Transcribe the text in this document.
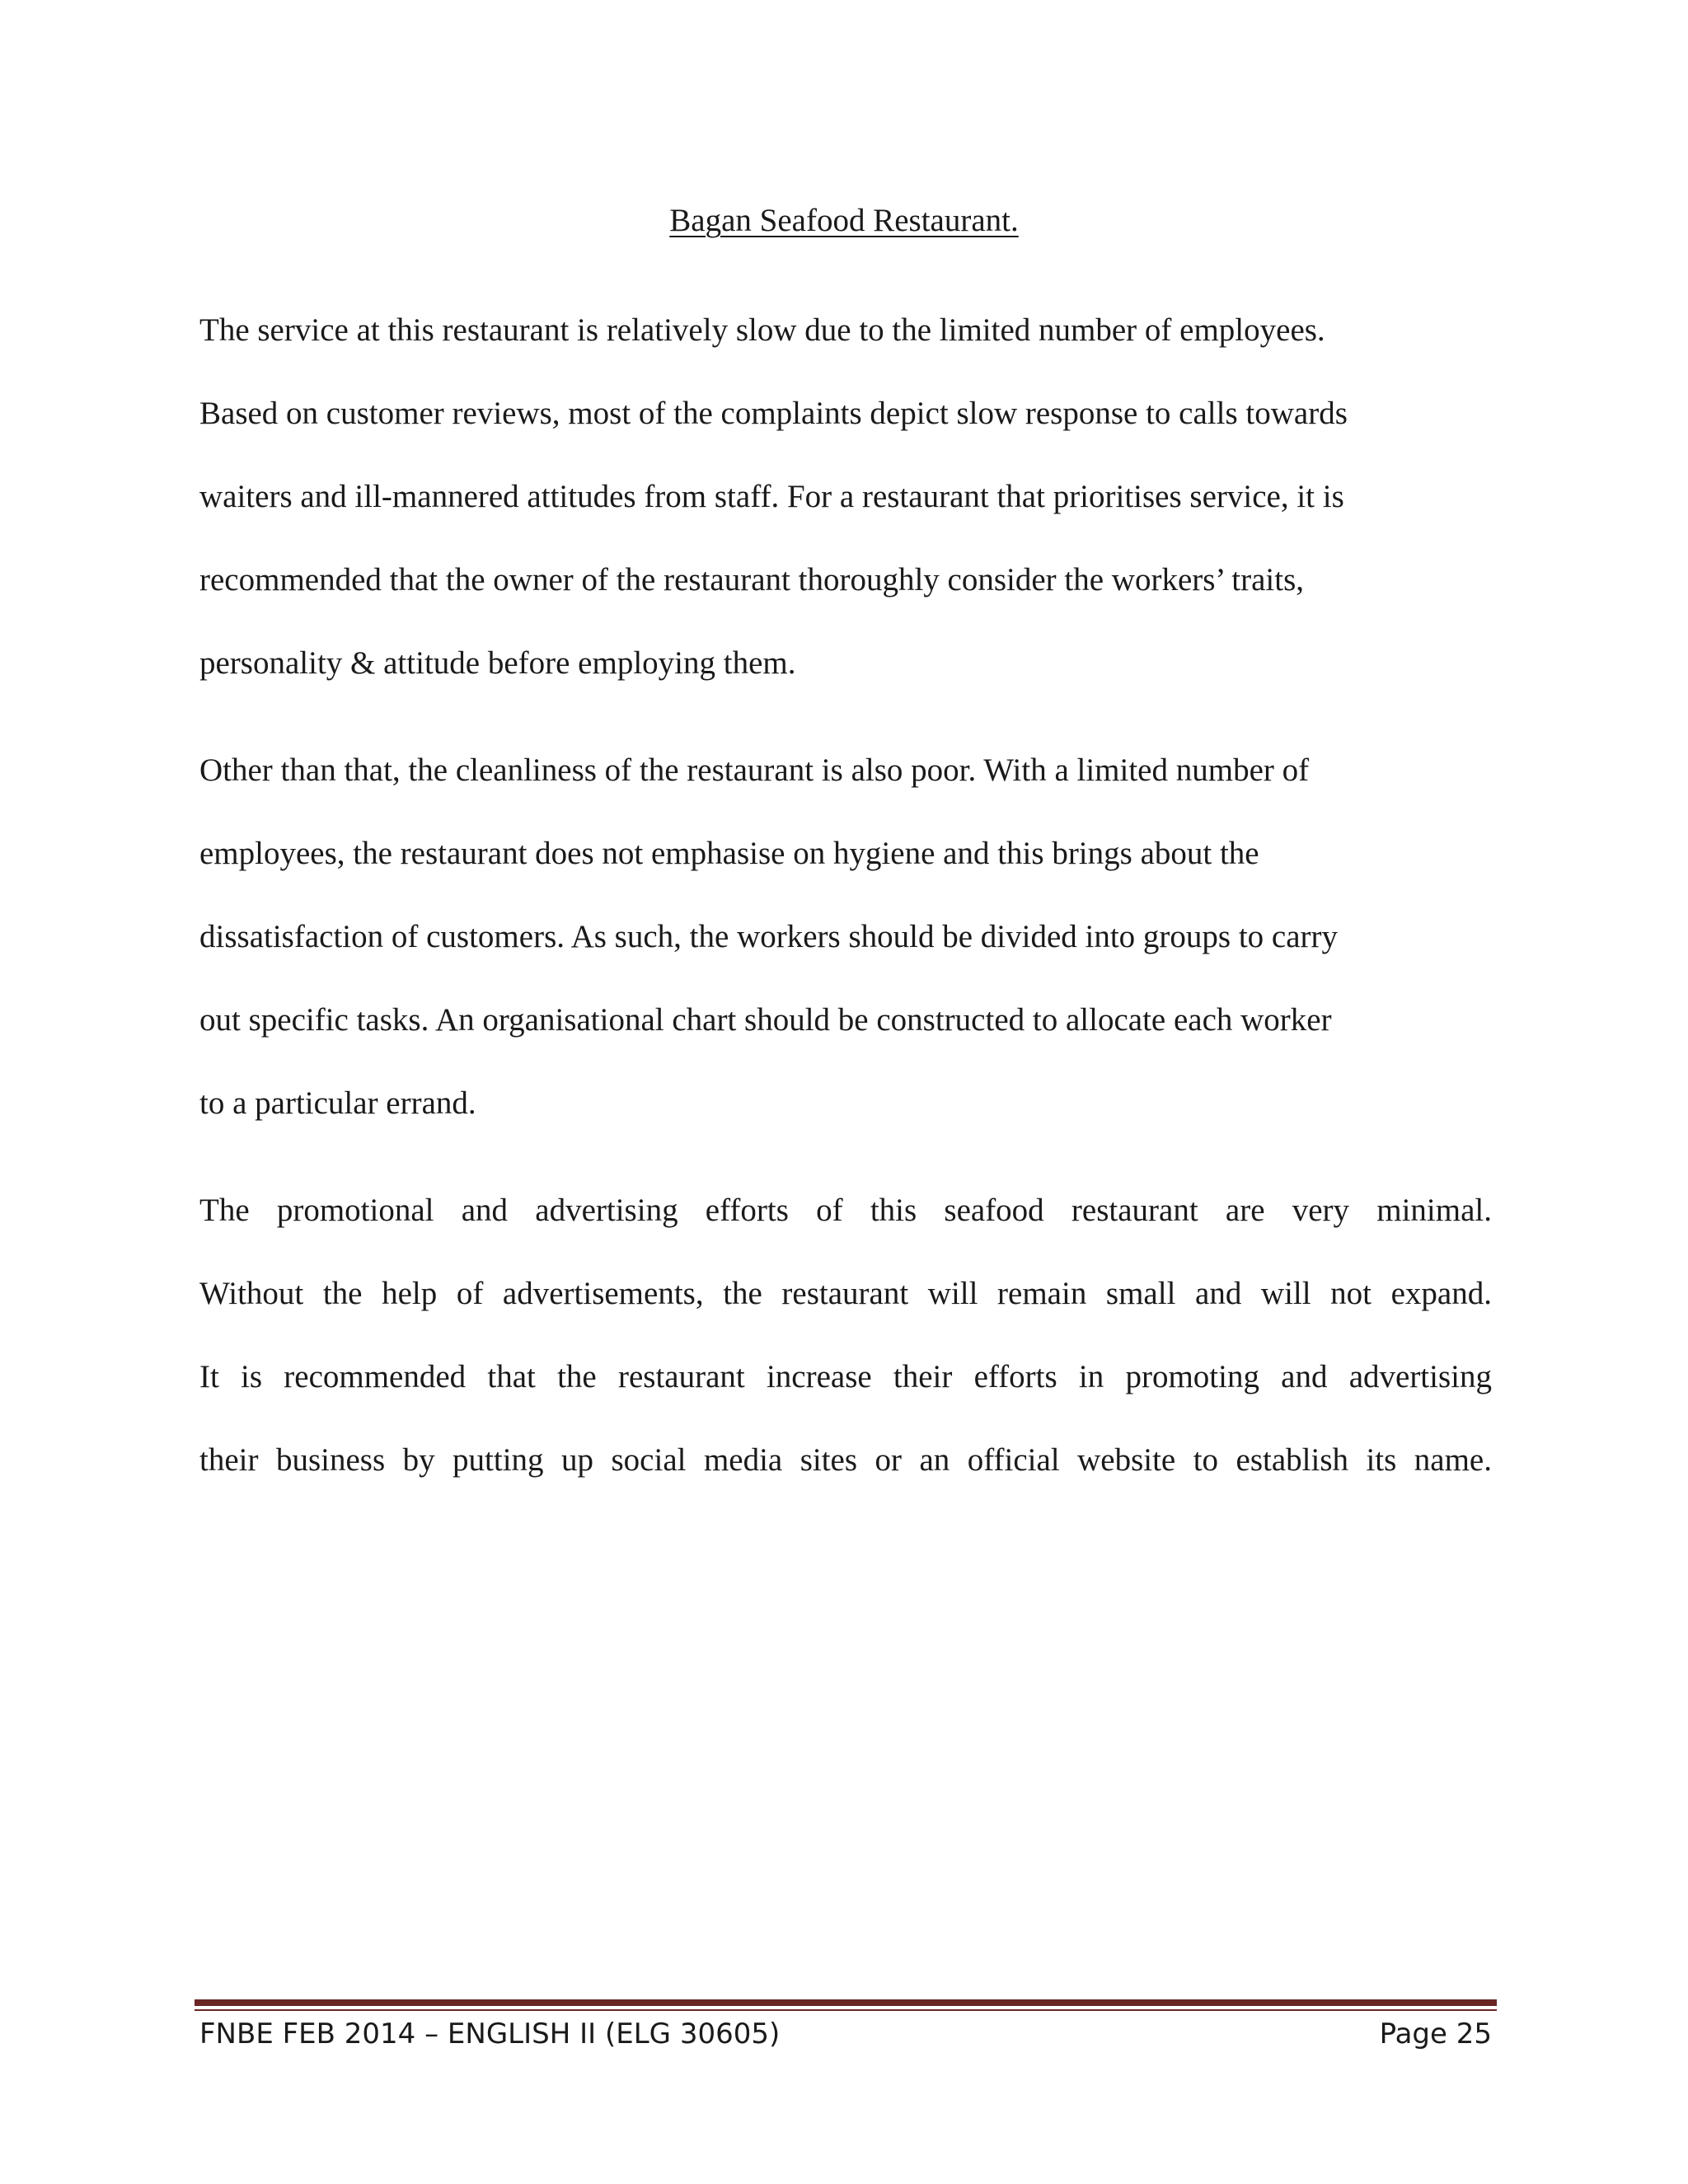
Bagan Seafood Restaurant.
The service at this restaurant is relatively slow due to the limited number of employees.
Based on customer reviews, most of the complaints depict slow response to calls towards
waiters and ill-mannered attitudes from staff. For a restaurant that prioritises service, it is
recommended that the owner of the restaurant thoroughly consider the workers’ traits,
personality & attitude before employing them.
Other than that, the cleanliness of the restaurant is also poor. With a limited number of
employees, the restaurant does not emphasise on hygiene and this brings about the
dissatisfaction of customers. As such, the workers should be divided into groups to carry
out specific tasks. An organisational chart should be constructed to allocate each worker
to a particular errand.
The promotional and advertising efforts of this seafood restaurant are very minimal.
Without the help of advertisements, the restaurant will remain small and will not expand.
It is recommended that the restaurant increase their efforts in promoting and advertising
their business by putting up social media sites or an official website to establish its name.
FNBE FEB 2014 – ENGLISH II (ELG 30605)	Page 25
